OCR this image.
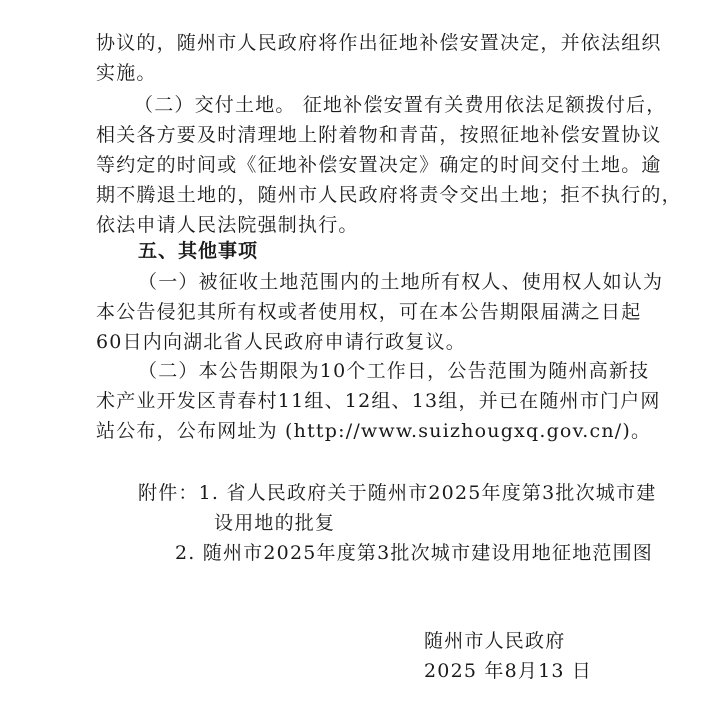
协议的，随州市人民政府将作出征地补偿安置决定，并依法组织
实施。
（二）交付土地。 征地补偿安置有关费用依法足额拨付后，
相关各方要及时清理地上附着物和青苗，按照征地补偿安置协议
等约定的时间或《征地补偿安置决定》确定的时间交付土地。逾
期不腾退土地的，随州市人民政府将责令交出土地；拒不执行的，
依法申请人民法院强制执行。
五、其他事项
（一）被征收土地范围内的土地所有权人、使用权人如认为
本公告侵犯其所有权或者使用权，可在本公告期限届满之日起
60日内向湖北省人民政府申请行政复议。
（二）本公告期限为10个工作日，公告范围为随州高新技
术产业开发区青春村11组、12组、13组，并已在随州市门户网
站公布，公布网址为 (http://www.suizhougxq.gov.cn/)。
附件：1. 省人民政府关于随州市2025年度第3批次城市建
设用地的批复
2. 随州市2025年度第3批次城市建设用地征地范围图
随州市人民政府
2025 年8月13 日
